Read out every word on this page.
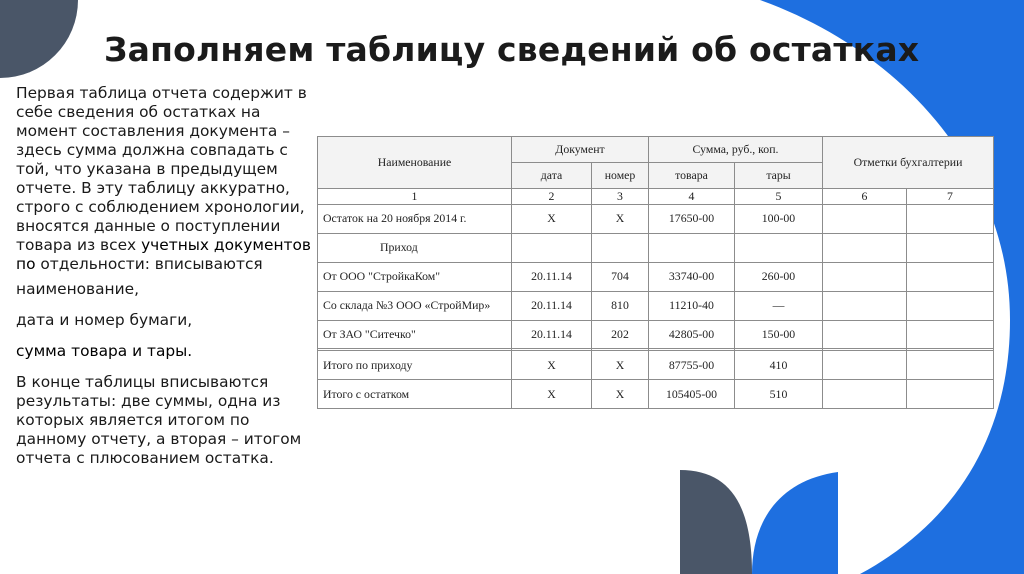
Заполняем таблицу сведений об остатках

Первая таблица отчета содержит в себе сведения об остатках на момент составления документа – здесь сумма должна совпадать с той, что указана в предыдущем отчете. В эту таблицу аккуратно, строго с соблюдением хронологии, вносятся данные о поступлении товара из всех учетных документов по отдельности: вписываются

наименование,

дата и номер бумаги,

сумма товара и тары.

В конце таблицы вписываются результаты: две суммы, одна из которых является итогом по данному отчету, а вторая – итогом отчета с плюсованием остатка.

Наименование	Документ		Сумма, руб., коп.		Отметки бухгалтерии	
	дата	номер	товара	тары		
1	2	3	4	5	6	7
Остаток на 20 ноября 2014 г.	X	X	17650-00	100-00		
Приход						
От ООО "СтройкаКом"	20.11.14	704	33740-00	260-00		
Со склада №3 ООО «СтройМир»	20.11.14	810	11210-40	—		
От ЗАО "Ситечко"	20.11.14	202	42805-00	150-00		

Итого по приходу	X	X	87755-00	410		
Итого с остатком	X	X	105405-00	510		
